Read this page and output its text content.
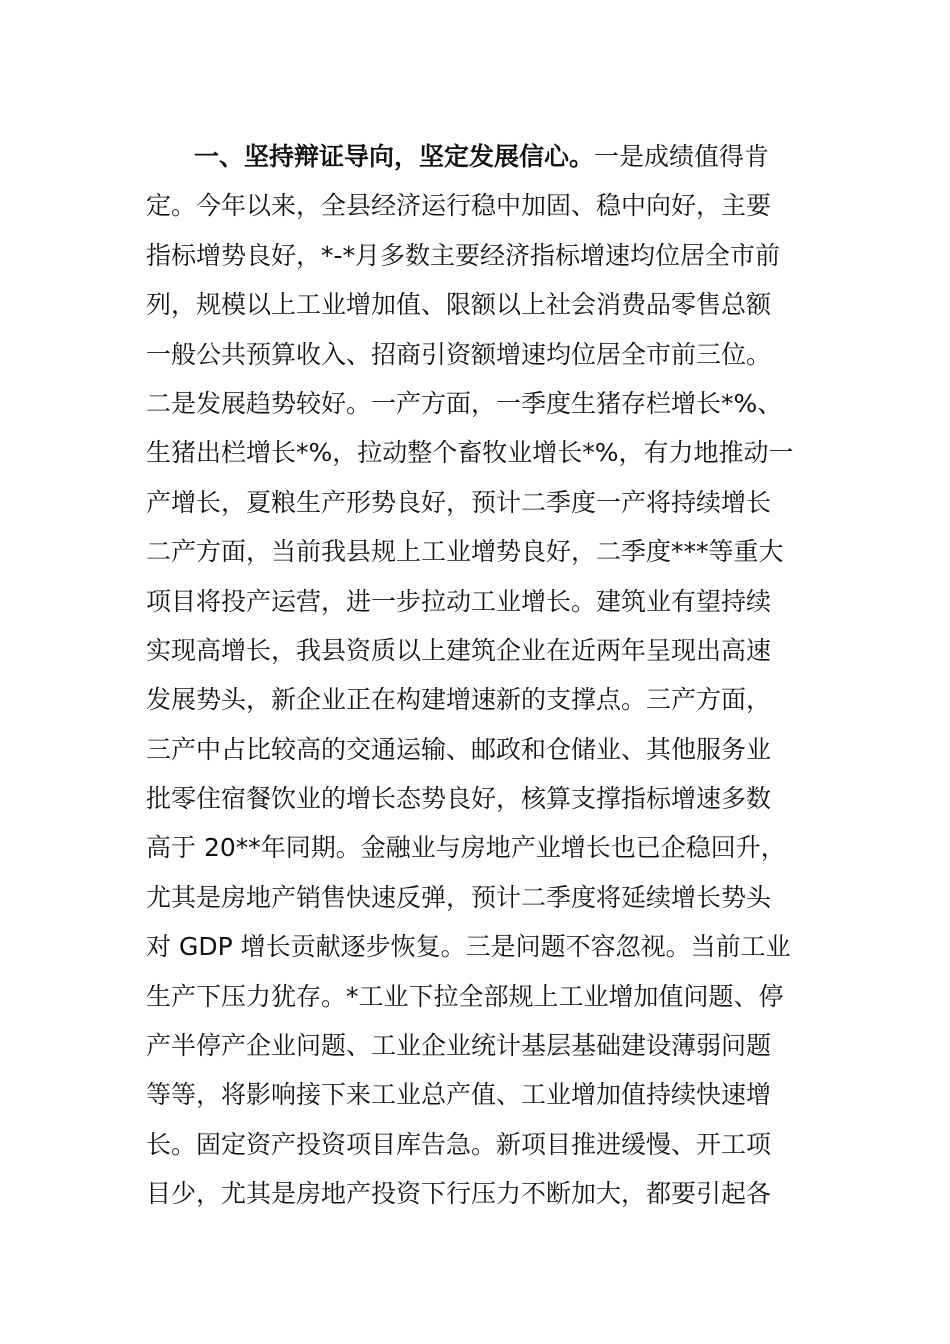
一、坚持辩证导向，坚定发展信心。一是成绩值得肯
定。今年以来，全县经济运行稳中加固、稳中向好，主要
指标增势良好，*-*月多数主要经济指标增速均位居全市前
列，规模以上工业增加值、限额以上社会消费品零售总额
一般公共预算收入、招商引资额增速均位居全市前三位。
二是发展趋势较好。一产方面，一季度生猪存栏增长*%、
生猪出栏增长*%，拉动整个畜牧业增长*%，有力地推动一
产增长，夏粮生产形势良好，预计二季度一产将持续增长
二产方面，当前我县规上工业增势良好，二季度***等重大
项目将投产运营，进一步拉动工业增长。建筑业有望持续
实现高增长，我县资质以上建筑企业在近两年呈现出高速
发展势头，新企业正在构建增速新的支撑点。三产方面，
三产中占比较高的交通运输、邮政和仓储业、其他服务业
批零住宿餐饮业的增长态势良好，核算支撑指标增速多数
高于 20**年同期。金融业与房地产业增长也已企稳回升，
尤其是房地产销售快速反弹，预计二季度将延续增长势头
对 GDP 增长贡献逐步恢复。三是问题不容忽视。当前工业
生产下压力犹存。*工业下拉全部规上工业增加值问题、停
产半停产企业问题、工业企业统计基层基础建设薄弱问题
等等，将影响接下来工业总产值、工业增加值持续快速增
长。固定资产投资项目库告急。新项目推进缓慢、开工项
目少，尤其是房地产投资下行压力不断加大，都要引起各
